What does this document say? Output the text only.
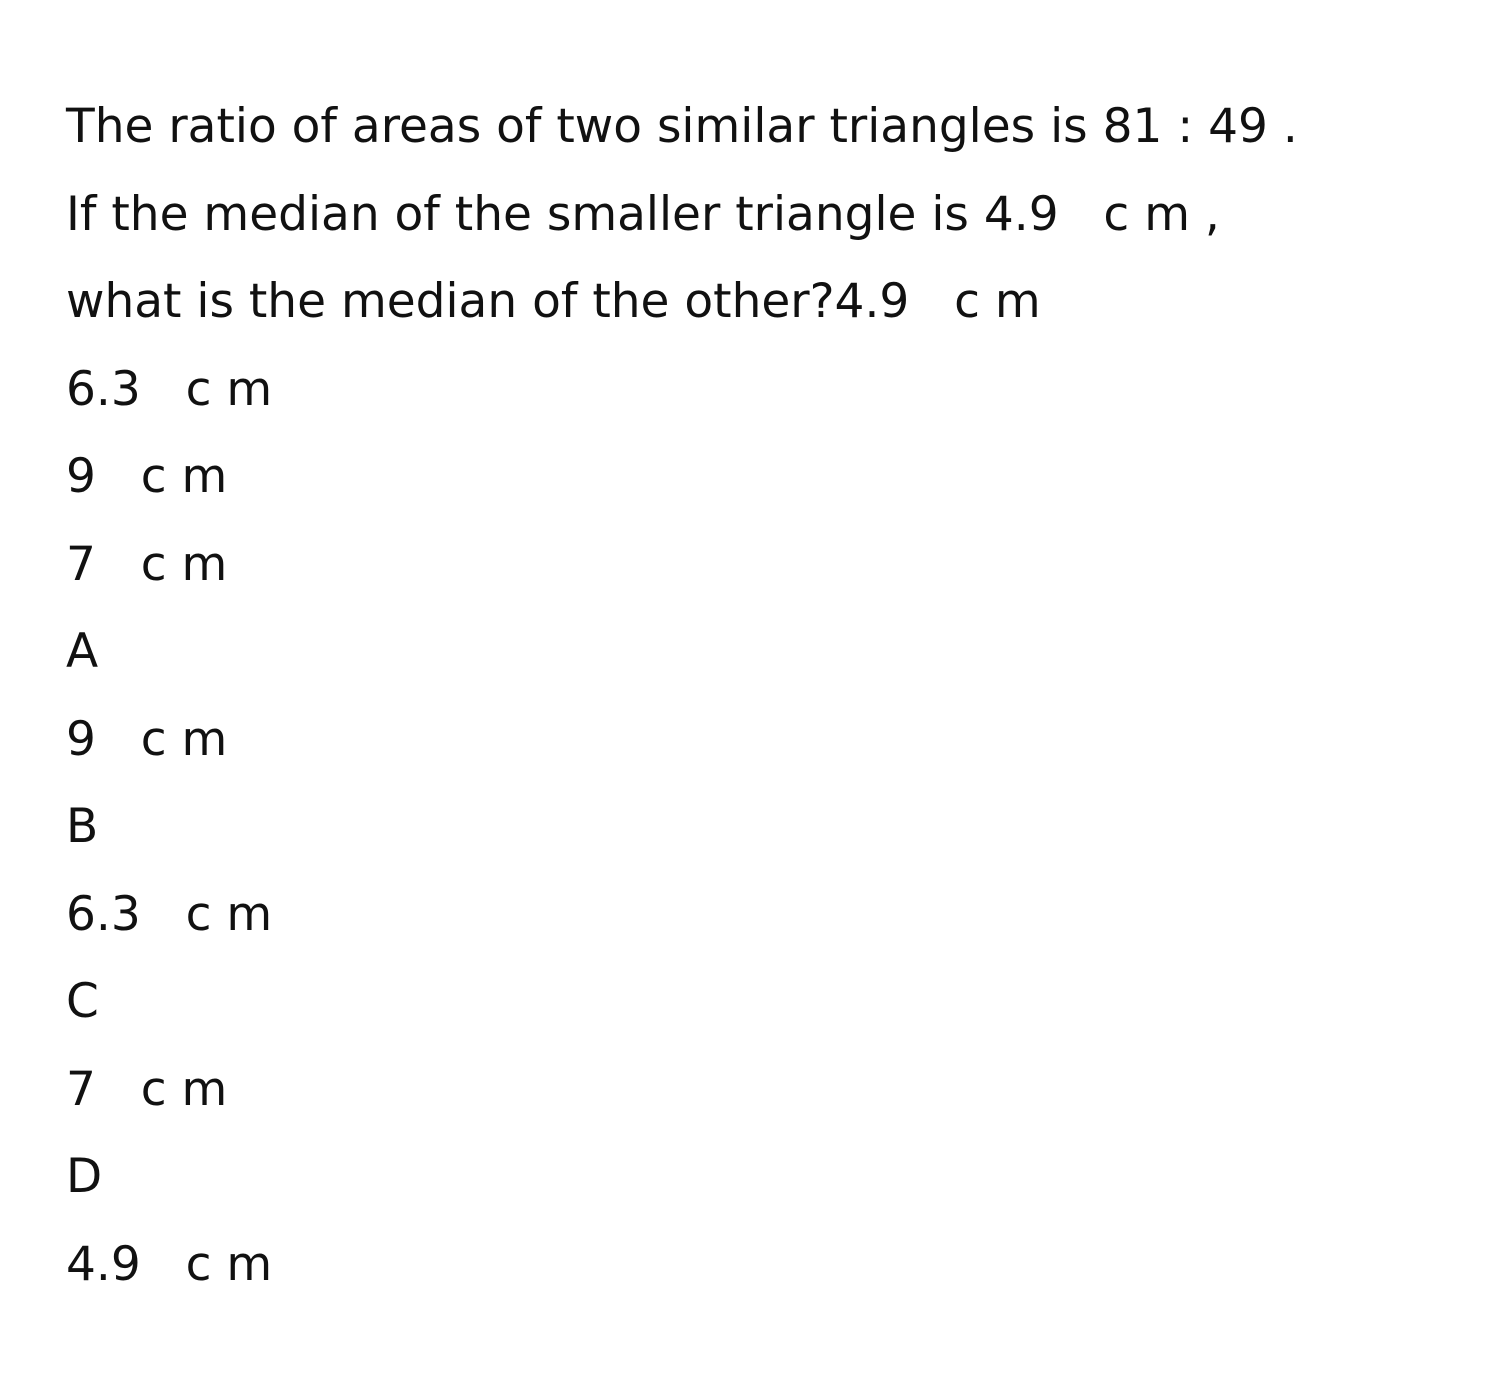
The ratio of areas of two similar triangles is 81 : 49 .

If the median of the smaller triangle is 4.9   c m ,

what is the median of the other?4.9   c m

6.3   c m

9   c m

7   c m

A

9   c m

B

6.3   c m

C

7   c m

D

4.9   c m
